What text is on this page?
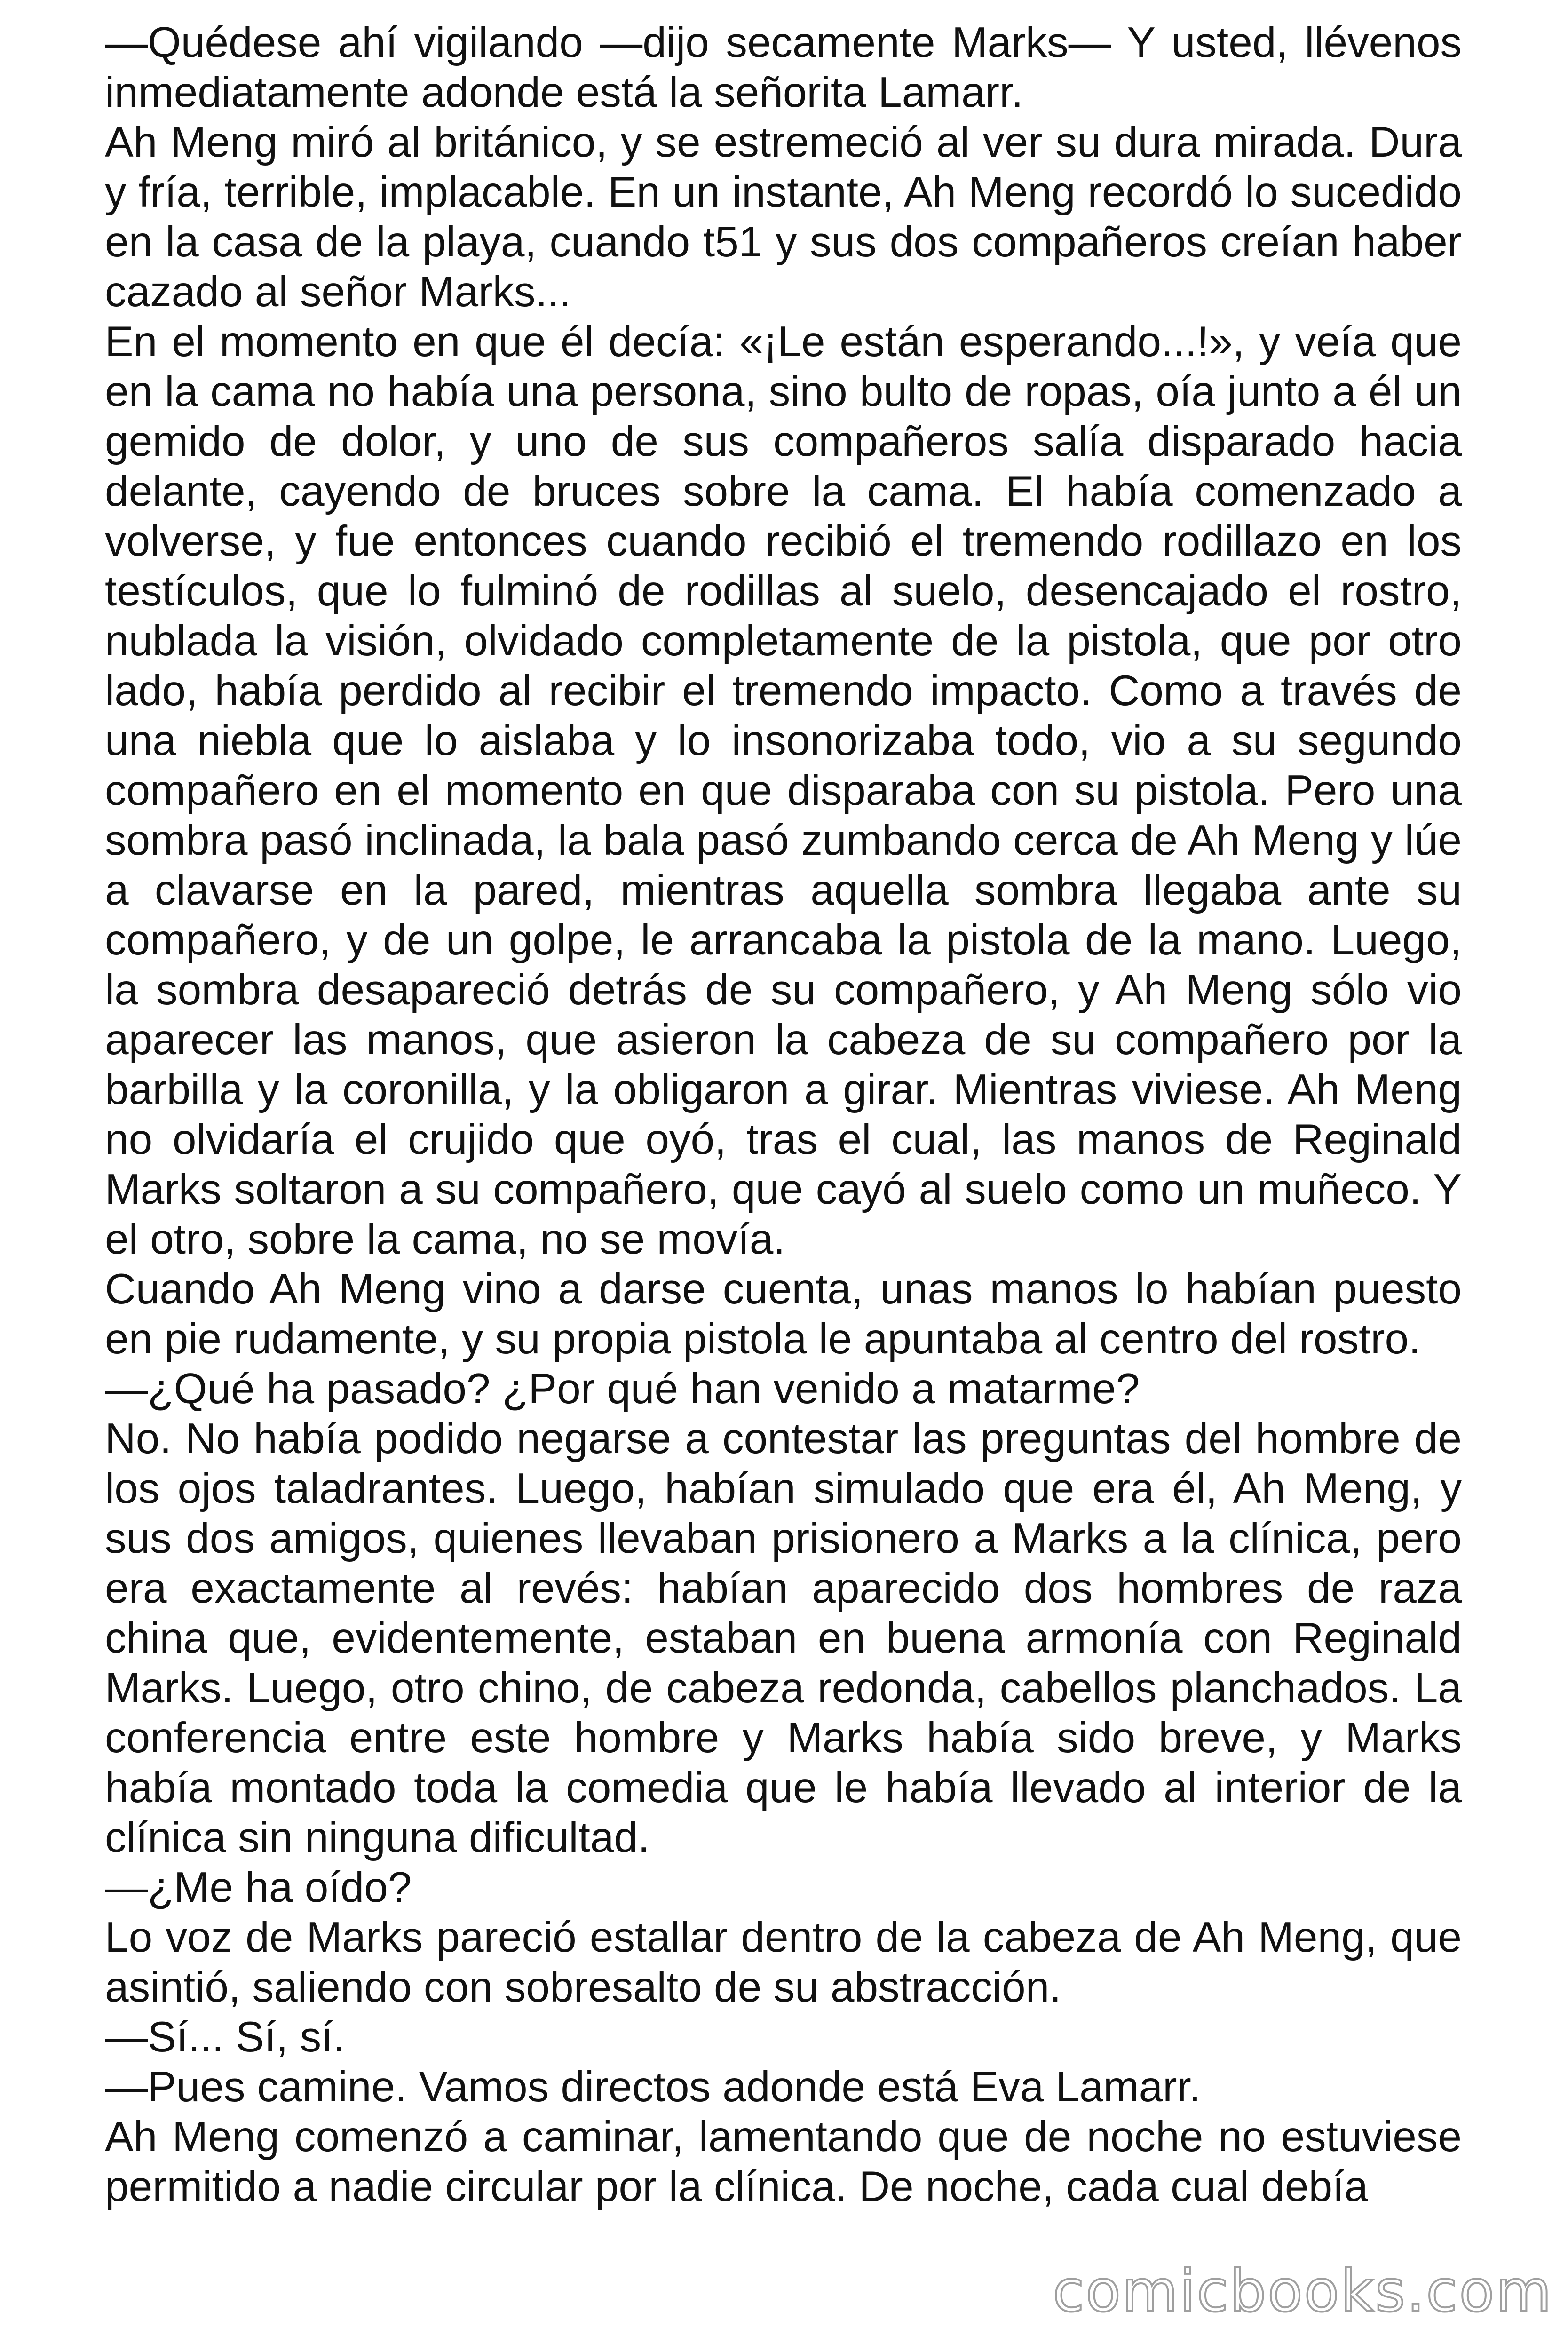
—Quédese ahí vigilando —dijo secamente Marks— Y usted, llévenos inmediatamente adonde está la señorita Lamarr.

Ah Meng miró al británico, y se estremeció al ver su dura mirada. Dura y fría, terrible, implacable. En un instante, Ah Meng recordó lo sucedido en la casa de la playa, cuando t51 y sus dos compañeros creían haber cazado al señor Marks...

En el momento en que él decía: «¡Le están esperando...!», y veía que en la cama no había una persona, sino bulto de ropas, oía junto a él un gemido de dolor, y uno de sus compañeros salía disparado hacia delante, cayendo de bruces sobre la cama. El había comenzado a volverse, y fue entonces cuando recibió el tremendo rodillazo en los testículos, que lo fulminó de rodillas al suelo, desencajado el rostro, nublada la visión, olvidado completamente de la pistola, que por otro lado, había perdido al recibir el tremendo impacto. Como a través de una niebla que lo aislaba y lo insonorizaba todo, vio a su segundo compañero en el momento en que disparaba con su pistola. Pero una sombra pasó inclinada, la bala pasó zumbando cerca de Ah Meng y lúe a clavarse en la pared, mientras aquella sombra llegaba ante su compañero, y de un golpe, le arrancaba la pistola de la mano. Luego, la sombra desapareció detrás de su compañero, y Ah Meng sólo vio aparecer las manos, que asieron la cabeza de su compañero por la barbilla y la coronilla, y la obligaron a girar. Mientras viviese. Ah Meng no olvidaría el crujido que oyó, tras el cual, las manos de Reginald Marks soltaron a su compañero, que cayó al suelo como un muñeco. Y el otro, sobre la cama, no se movía.

Cuando Ah Meng vino a darse cuenta, unas manos lo habían puesto en pie rudamente, y su propia pistola le apuntaba al centro del rostro.

—¿Qué ha pasado? ¿Por qué han venido a matarme?

No. No había podido negarse a contestar las preguntas del hombre de los ojos taladrantes. Luego, habían simulado que era él, Ah Meng, y sus dos amigos, quienes llevaban prisionero a Marks a la clínica, pero era exactamente al revés: habían aparecido dos hombres de raza china que, evidentemente, estaban en buena armonía con Reginald Marks. Luego, otro chino, de cabeza redonda, cabellos planchados. La conferencia entre este hombre y Marks había sido breve, y Marks había montado toda la comedia que le había llevado al interior de la clínica sin ninguna dificultad.

—¿Me ha oído?

Lo voz de Marks pareció estallar dentro de la cabeza de Ah Meng, que asintió, saliendo con sobresalto de su abstracción.

—Sí... Sí, sí.

—Pues camine. Vamos directos adonde está Eva Lamarr.

Ah Meng comenzó a caminar, lamentando que de noche no estuviese permitido a nadie circular por la clínica. De noche, cada cual debía

comicbooks.com
